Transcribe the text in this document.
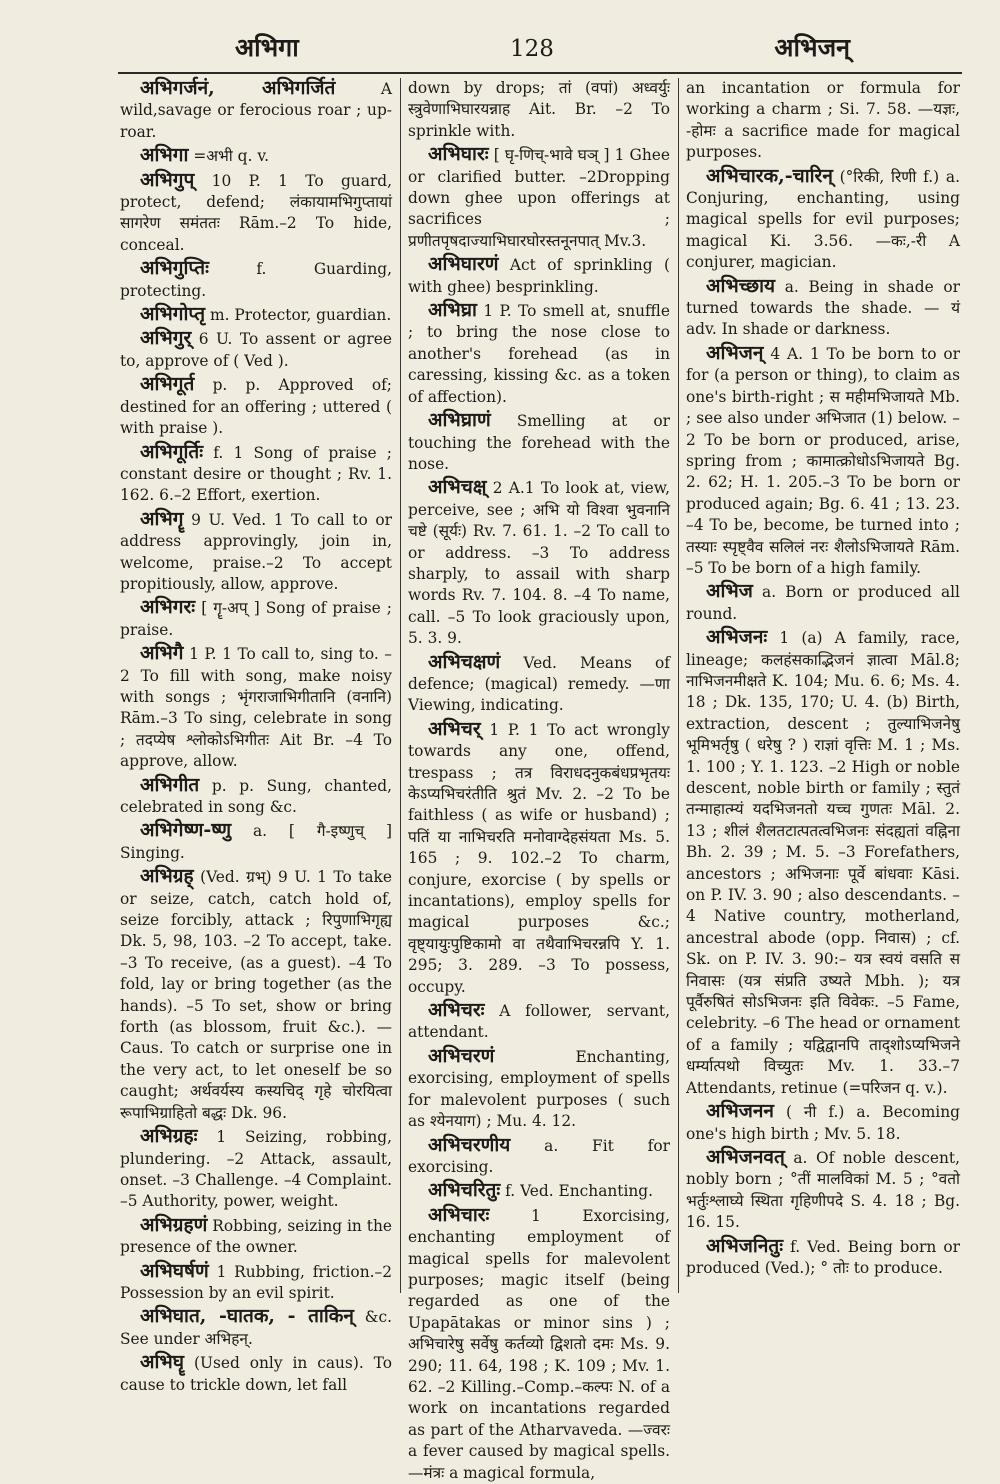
अभिगा	128	अभिजन्

अभिगर्जनं, अभिगर्जितं	A wild,savage or ferocious roar ; up-roar.

अभिगा =अभी q. v.

अभिगुप् 10 P. 1 To guard, protect, defend; लंकायामभिगुप्तायां सागरेण समंततः Rām.–2 To hide, conceal.

अभिगुप्तिः	f. Guarding, protecting.

अभिगोप्तृ m. Protector, guardian.

अभिगुर् 6 U. To assent or agree to, approve of ( Ved ).

अभिगूर्त p. p. Approved of; destined for an offering ; uttered ( with praise ).

अभिगूर्तिः f. 1 Song of praise ; constant desire or thought ; Rv. 1. 162. 6.–2 Effort, exertion.

अभिगॄ 9 U. Ved. 1 To call to or address approvingly, join in, welcome, praise.–2 To accept propitiously, allow, approve.

अभिगरः [ गॄ-अप् ] Song of praise ; praise.

अभिगै 1 P. 1 To call to, sing to. –2 To fill with song, make noisy with songs ; भृंगराजाभिगीतानि (वनानि) Rām.–3 To sing, celebrate in song ; तदप्येष श्लोकोऽभिगीतः Ait Br. –4 To approve, allow.

अभिगीत p. p. Sung, chanted, celebrated in song &c.

अभिगेष्ण-ष्णु a. [ गै-इष्णुच् ] Singing.

अभिग्रह् (Ved. ग्रभ्) 9 U. 1 To take or seize, catch, catch hold of, seize forcibly, attack ; रिपुणाभिगृह्य Dk. 5, 98, 103. –2 To accept, take. –3 To receive, (as a guest). –4 To fold, lay or bring together (as the hands). –5 To set, show or bring forth (as blossom, fruit &c.). — Caus. To catch or surprise one in the very act, to let oneself be so caught; अर्थवर्यस्य कस्यचिद् गृहे चोरयित्वा रूपाभिग्राहितो बद्धः Dk. 96.

अभिग्रहः 1 Seizing, robbing, plundering. –2 Attack, assault, onset. –3 Challenge. –4 Complaint. –5 Authority, power, weight.

अभिग्रहणं Robbing, seizing in the presence of the owner.

अभिघर्षणं 1 Rubbing, friction.–2 Possession by an evil spirit.

अभिघात, -घातक, - ताकिन् &c. See under अभिहन्.

अभिघॄ (Used only in caus). To cause to trickle down, let fall

down by drops; तां (वपां) अध्वर्युः स्त्रुवेणाभिघारयन्नाह Ait. Br. –2 To sprinkle with.

अभिघारः [ घृ-णिच्-भावे घञ् ] 1 Ghee or clarified butter. –2Dropping down ghee upon offerings at sacrifices ; प्रणीतपृषदाज्याभिघारघोरस्तनूनपात् Mv.3.

अभिघारणं Act of sprinkling ( with ghee) besprinkling.

अभिघ्रा 1 P. To smell at, snuffle ; to bring the nose close to another's forehead (as in caressing, kissing &c. as a token of affection).

अभिघ्राणं Smelling at or touching the forehead with the nose.

अभिचक्ष् 2 A.1 To look at, view, perceive, see ; अभि यो विश्वा भुवनानि चष्टे (सूर्यः) Rv. 7. 61. 1. –2 To call to or address. –3 To address sharply, to assail with sharp words Rv. 7. 104. 8. –4 To name, call. –5 To look graciously upon, 5. 3. 9.

अभिचक्षणं Ved. Means of defence; (magical) remedy. —णा Viewing, indicating.

अभिचर् 1 P. 1 To act wrongly towards any one, offend, trespass ; तत्र विराधदनुकबंधप्रभृतयः केऽप्यभिचरंतीति श्रुतं Mv. 2. –2 To be faithless ( as wife or husband) ; पतिं या नाभिचरति मनोवाग्देहसंयता Ms. 5. 165 ; 9. 102.–2 To charm, conjure, exorcise ( by spells or incantations), employ spells for magical purposes &c.; वृष्ट्यायुःपुष्टिकामो वा तथैवाभिचरन्नपि Y. 1. 295; 3. 289. –3 To possess, occupy.

अभिचरः A follower, servant, attendant.

अभिचरणं	Enchanting, exorcising, employment of spells for malevolent purposes ( such as श्येनयाग) ; Mu. 4. 12.

अभिचरणीय a. Fit for exorcising.

अभिचरितुः f. Ved. Enchanting.

अभिचारः	1 Exorcising, enchanting employment of magical spells for malevolent purposes; magic itself (being regarded as one of the Upapātakas or minor sins ) ; अभिचारेषु सर्वेषु कर्तव्यो द्विशतो दमः Ms. 9. 290; 11. 64, 198 ; K. 109 ; Mv. 1. 62. –2 Killing.–Comp.–कल्पः N. of a work on incantations regarded as part of the Atharvaveda. —ज्वरः a fever caused by magical spells. —मंत्रः a magical formula,

an incantation or formula for working a charm ; Si. 7. 58. —यज्ञः, -होमः a sacrifice made for magical purposes.

अभिचारक,-चारिन् (°रिकी, रिणी f.) a. Conjuring, enchanting, using magical spells for evil purposes; magical Ki. 3.56. —कः,-री A conjurer, magician.

अभिच्छाय a. Being in shade or turned towards the shade. — यं adv. In shade or darkness.

अभिजन् 4 A. 1 To be born to or for (a person or thing), to claim as one's birth-right ; स महीमभिजायते Mb. ; see also under अभिजात (1) below. –2 To be born or produced, arise, spring from ; कामात्क्रोधोऽभिजायते Bg. 2. 62; H. 1. 205.–3 To be born or produced again; Bg. 6. 41 ; 13. 23. –4 To be, become, be turned into ; तस्याः स्पृष्ट्वैव सलिलं नरः शैलोऽभिजायते Rām. –5 To be born of a high family.

अभिज a. Born or produced all round.

अभिजनः 1 (a) A family, race, lineage; कलहंसकाद्भिजनं ज्ञात्वा Māl.8; नाभिजनमीक्षते K. 104; Mu. 6. 6; Ms. 4. 18 ; Dk. 135, 170; U. 4. (b) Birth, extraction, descent ; तुल्याभिजनेषु भूमिभर्तृषु ( धरेषु ? ) राज्ञां वृत्तिः M. 1 ; Ms. 1. 100 ; Y. 1. 123. –2 High or noble descent, noble birth or family ; स्तुतं तन्माहात्म्यं यदभिजनतो यच्च गुणतः Māl. 2. 13 ; शीलं शैलतटात्पतत्वभिजनः संदह्यतां वह्निना Bh. 2. 39 ; M. 5. –3 Forefathers, ancestors ; अभिजनाः पूर्वे बांधवाः Kāsi. on P. IV. 3. 90 ; also descendants. –4 Native country, motherland, ancestral abode (opp. निवास) ; cf. Sk. on P. IV. 3. 90:– यत्र स्वयं वसति स निवासः (यत्र संप्रति उष्यते Mbh. ); यत्र पूर्वैरुषितं सोऽभिजनः इति विवेकः. –5 Fame, celebrity. –6 The head or ornament of a family ; यद्विद्वानपि ताद्शोऽप्यभिजने धर्म्यात्पथो विच्युतः Mv. 1. 33.–7 Attendants, retinue (=परिजन q. v.).

अभिजनन ( नी f.) a. Becoming one's high birth ; Mv. 5. 18.

अभिजनवत् a. Of noble descent, nobly born ; °तीं मालविकां M. 5 ; °वतो भर्तुःश्लाघ्ये स्थिता गृहिणीपदे S. 4. 18 ; Bg. 16. 15.

अभिजनितुः f. Ved. Being born or produced (Ved.); ° तोः to produce.
